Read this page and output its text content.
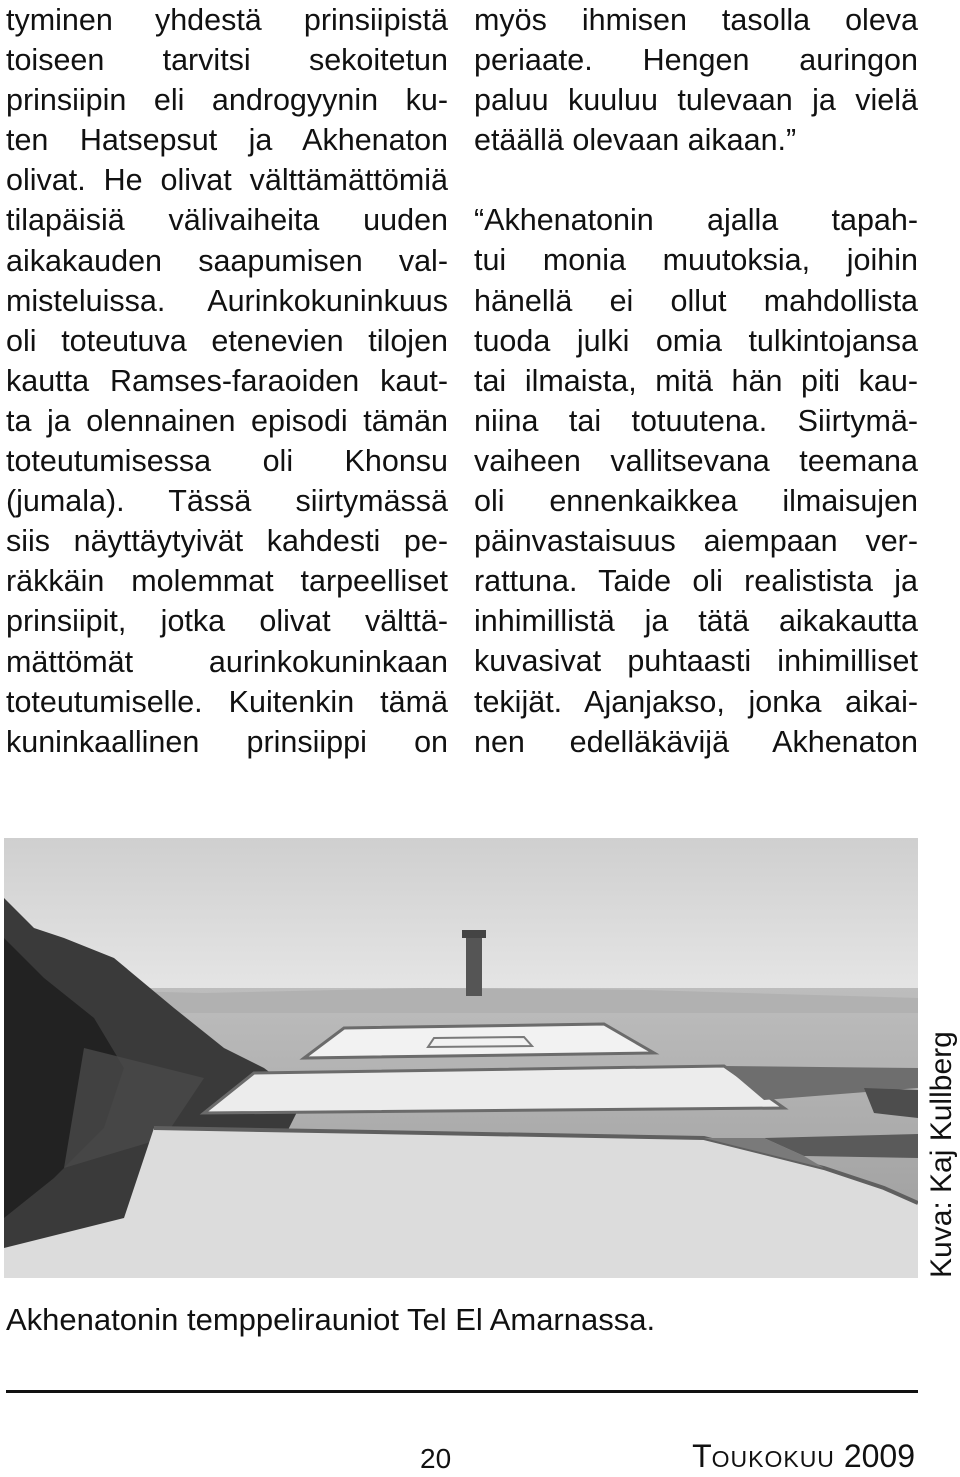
tyminen yhdestä prinsiipistä
toiseen tarvitsi sekoitetun
prinsiipin eli androgyynin ku-
ten Hatsepsut ja Akhenaton
olivat. He olivat välttämättömiä
tilapäisiä välivaiheita uuden
aikakauden saapumisen val-
misteluissa. Aurinkokuninkuus
oli toteutuva etenevien tilojen
kautta Ramses-faraoiden kaut-
ta ja olennainen episodi tämän
toteutumisessa oli Khonsu
(jumala). Tässä siirtymässä
siis näyttäytyivät kahdesti pe-
räkkäin molemmat tarpeelliset
prinsiipit, jotka olivat välttä-
mättömät aurinkokuninkaan
toteutumiselle. Kuitenkin tämä
kuninkaallinen prinsiippi on
myös ihmisen tasolla oleva
periaate. Hengen auringon
paluu kuuluu tulevaan ja vielä
etäällä olevaan aikaan.”
“Akhenatonin ajalla tapah-
tui monia muutoksia, joihin
hänellä ei ollut mahdollista
tuoda julki omia tulkintojansa
tai ilmaista, mitä hän piti kau-
niina tai totuutena. Siirtymä-
vaiheen vallitsevana teemana
oli ennenkaikkea ilmaisujen
päinvastaisuus aiempaan ver-
rattuna. Taide oli realistista ja
inhimillistä ja tätä aikakautta
kuvasivat puhtaasti inhimilliset
tekijät. Ajanjakso, jonka aikai-
nen edelläkävijä Akhenaton
Kuva: Kaj Kullberg
Akhenatonin temppelirauniot Tel El Amarnassa.
20	TOUKOKUU 2009
